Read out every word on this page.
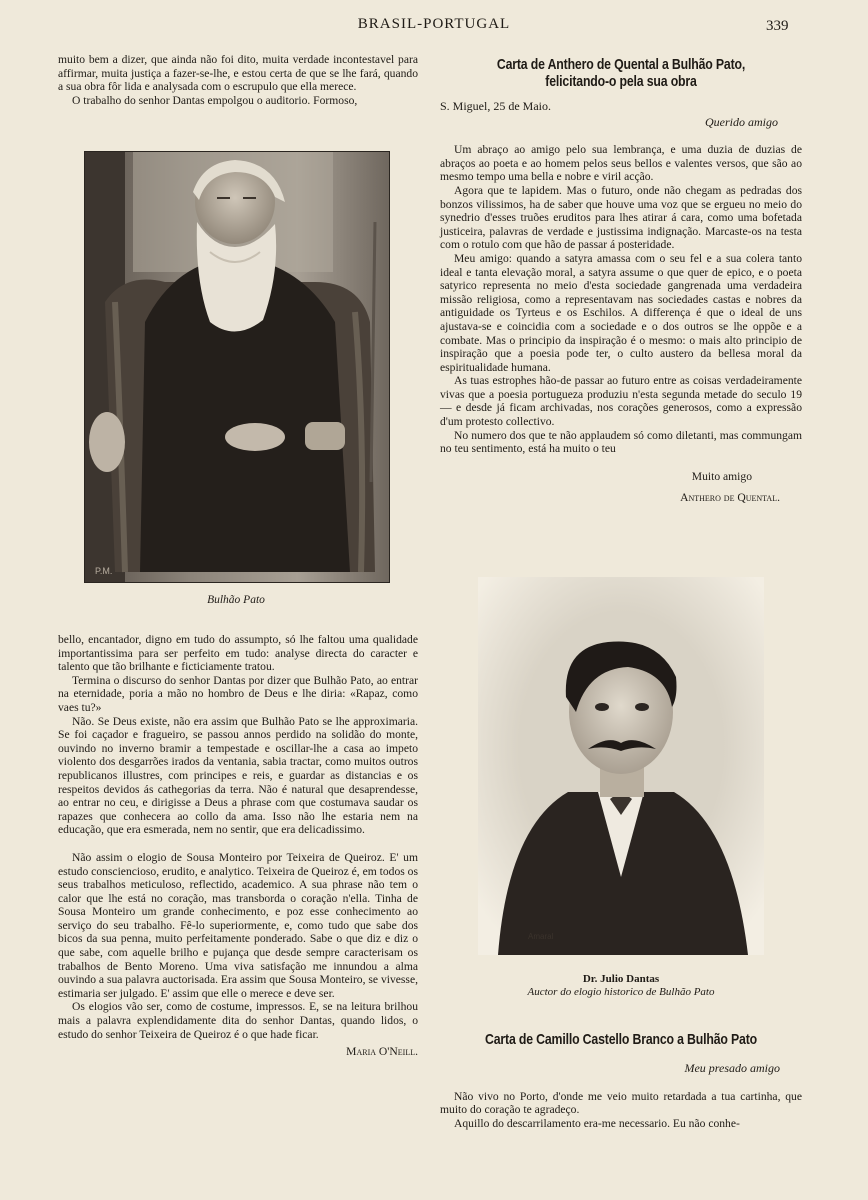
BRASIL-PORTUGAL	339

muito bem a dizer, que ainda não foi dito, muita verdade incontestavel para affirmar, muita justiça a fazer-se-lhe, e estou certa de que se lhe fará, quando a sua obra fôr lida e analysada com o escrupulo que ella merece.

O trabalho do senhor Dantas empolgou o auditorio. Formoso,

P.M.
Bulhão Pato

bello, encantador, digno em tudo do assumpto, só lhe faltou uma qualidade importantissima para ser perfeito em tudo: analyse directa do caracter e talento que tão brilhante e ficticiamente tratou.

Termina o discurso do senhor Dantas por dizer que Bulhão Pato, ao entrar na eternidade, poria a mão no hombro de Deus e lhe diria: «Rapaz, como vaes tu?»

Não. Se Deus existe, não era assim que Bulhão Pato se lhe approximaria. Se foi caçador e fragueiro, se passou annos perdido na solidão do monte, ouvindo no inverno bramir a tempestade e oscillar-lhe a casa ao impeto violento dos desgarrões irados da ventania, sabia tractar, como muitos outros republicanos illustres, com principes e reis, e guardar as distancias e os respeitos devidos ás cathegorias da terra. Não é natural que desaprendesse, ao entrar no ceu, e dirigisse a Deus a phrase com que costumava saudar os rapazes que conhecera ao collo da ama. Isso não lhe estaria nem na educação, que era esmerada, nem no sentir, que era delicadissimo.

Não assim o elogio de Sousa Monteiro por Teixeira de Queiroz. E' um estudo consciencioso, erudito, e analytico. Teixeira de Queiroz é, em todos os seus trabalhos meticuloso, reflectido, academico. A sua phrase não tem o calor que lhe está no coração, mas transborda o coração n'ella. Tinha de Sousa Monteiro um grande conhecimento, e poz esse conhecimento ao serviço do seu trabalho. Fê-lo superiormente, e, como tudo que sabe dos bicos da sua penna, muito perfeitamente ponderado. Sabe o que diz e diz o que sabe, com aquelle brilho e pujança que desde sempre caracterisam os trabalhos de Bento Moreno. Uma viva satisfação me innundou a alma ouvindo a sua palavra auctorisada. Era assim que Sousa Monteiro, se vivesse, estimaria ser julgado. E' assim que elle o merece e deve ser.

Os elogios vão ser, como de costume, impressos. E, se na leitura brilhou mais a palavra explendidamente dita do senhor Dantas, quando lidos, o estudo do senhor Teixeira de Queiroz é o que hade ficar.

Maria O'Neill.
Carta de Anthero de Quental a Bulhão Pato,
felicitando-o pela sua obra
S. Miguel, 25 de Maio.
Querido amigo

Um abraço ao amigo pelo sua lembrança, e uma duzia de duzias de abraços ao poeta e ao homem pelos seus bellos e valentes versos, que são ao mesmo tempo uma bella e nobre e viril acção.

Agora que te lapidem. Mas o futuro, onde não chegam as pedradas dos bonzos vilissimos, ha de saber que houve uma voz que se ergueu no meio do synedrio d'esses truões eruditos para lhes atirar á cara, como uma bofetada justiceira, palavras de verdade e justissima indignação. Marcaste-os na testa com o rotulo com que hão de passar á posteridade.

Meu amigo: quando a satyra amassa com o seu fel e a sua colera tanto ideal e tanta elevação moral, a satyra assume o que quer de epico, e o poeta satyrico representa no meio d'esta sociedade gangrenada uma verdadeira missão religiosa, como a representavam nas sociedades castas e nobres da antiguidade os Tyrteus e os Eschilos. A differença é que o ideal de uns ajustava-se e coincidia com a sociedade e o dos outros se lhe oppõe e a combate. Mas o principio da inspiração é o mesmo: o mais alto principio de inspiração que a poesia pode ter, o culto austero da bellesa moral da espiritualidade humana.

As tuas estrophes hão-de passar ao futuro entre as coisas verdadeiramente vivas que a poesia portugueza produziu n'esta segunda metade do seculo 19 — e desde já ficam archivadas, nos corações generosos, como a expressão d'um protesto collectivo.

No numero dos que te não applaudem só como diletanti, mas commungam no teu sentimento, está ha muito o teu

Muito amigo
Anthero de Quental.
Amaral
Dr. Julio Dantas
Auctor do elogio historico de Bulhão Pato
Carta de Camillo Castello Branco a Bulhão Pato
Meu presado amigo

Não vivo no Porto, d'onde me veio muito retardada a tua cartinha, que muito do coração te agradeço.

Aquillo do descarrilamento era-me necessario. Eu não conhe-
